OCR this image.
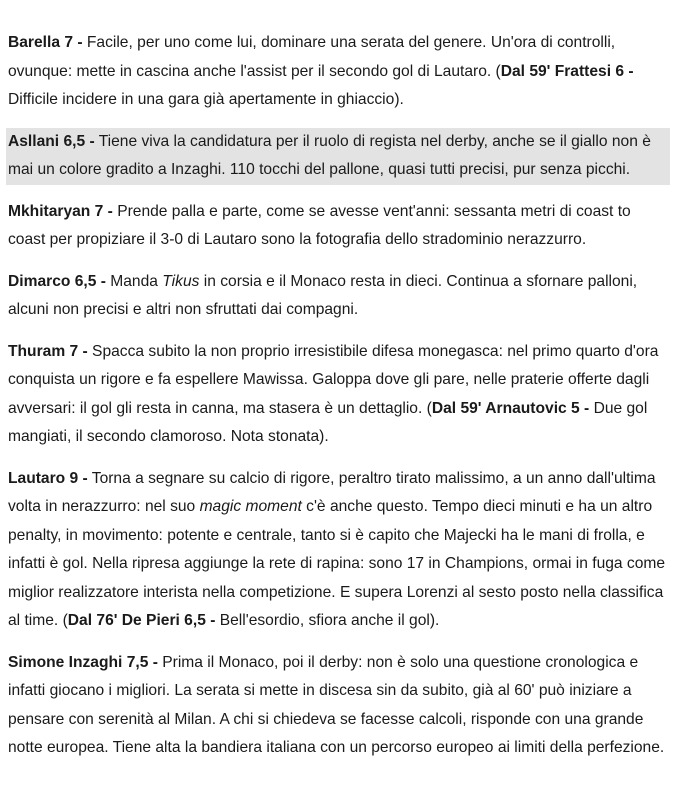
Barella 7 - Facile, per uno come lui, dominare una serata del genere. Un'ora di controlli, ovunque: mette in cascina anche l'assist per il secondo gol di Lautaro. (Dal 59' Frattesi 6 - Difficile incidere in una gara già apertamente in ghiaccio).

Asllani 6,5 - Tiene viva la candidatura per il ruolo di regista nel derby, anche se il giallo non è mai un colore gradito a Inzaghi. 110 tocchi del pallone, quasi tutti precisi, pur senza picchi.

Mkhitaryan 7 - Prende palla e parte, come se avesse vent'anni: sessanta metri di coast to coast per propiziare il 3-0 di Lautaro sono la fotografia dello stradominio nerazzurro.

Dimarco 6,5 - Manda Tikus in corsia e il Monaco resta in dieci. Continua a sfornare palloni, alcuni non precisi e altri non sfruttati dai compagni.

Thuram 7 - Spacca subito la non proprio irresistibile difesa monegasca: nel primo quarto d'ora conquista un rigore e fa espellere Mawissa. Galoppa dove gli pare, nelle praterie offerte dagli avversari: il gol gli resta in canna, ma stasera è un dettaglio. (Dal 59' Arnautovic 5 - Due gol mangiati, il secondo clamoroso. Nota stonata).

Lautaro 9 - Torna a segnare su calcio di rigore, peraltro tirato malissimo, a un anno dall'ultima volta in nerazzurro: nel suo magic moment c'è anche questo. Tempo dieci minuti e ha un altro penalty, in movimento: potente e centrale, tanto si è capito che Majecki ha le mani di frolla, e infatti è gol. Nella ripresa aggiunge la rete di rapina: sono 17 in Champions, ormai in fuga come miglior realizzatore interista nella competizione. E supera Lorenzi al sesto posto nella classifica al time. (Dal 76' De Pieri 6,5 - Bell'esordio, sfiora anche il gol).

Simone Inzaghi 7,5 - Prima il Monaco, poi il derby: non è solo una questione cronologica e infatti giocano i migliori. La serata si mette in discesa sin da subito, già al 60' può iniziare a pensare con serenità al Milan. A chi si chiedeva se facesse calcoli, risponde con una grande notte europea. Tiene alta la bandiera italiana con un percorso europeo ai limiti della perfezione.
